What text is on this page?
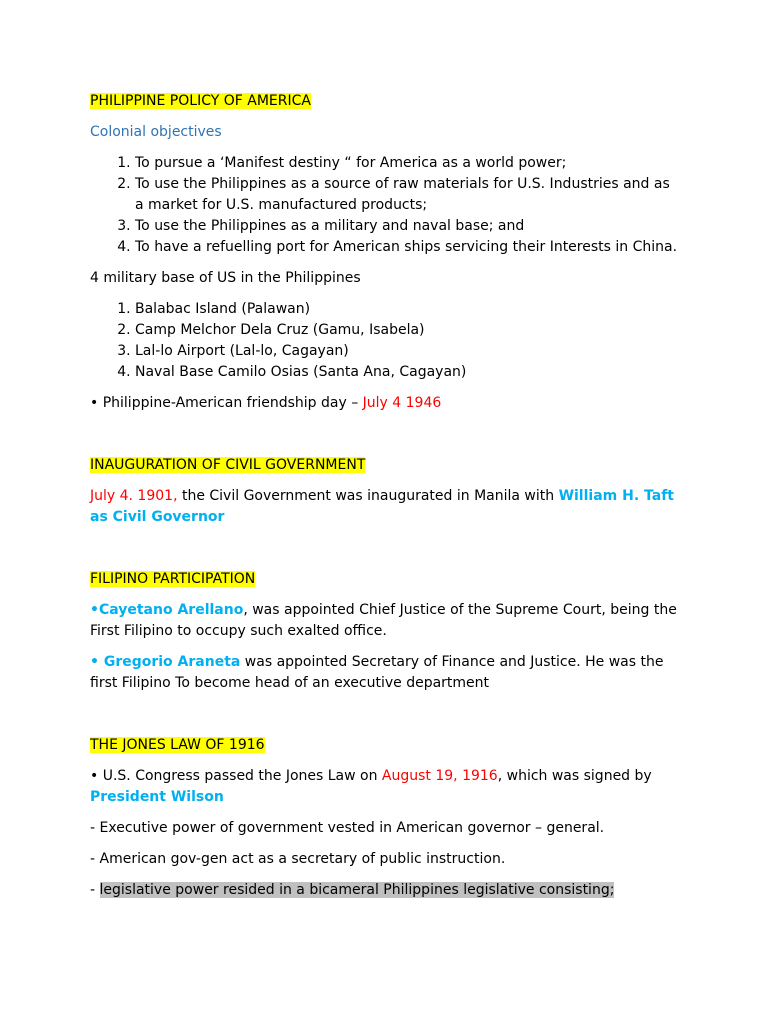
PHILIPPINE POLICY OF AMERICA

Colonial objectives

1. To pursue a ‘Manifest destiny “ for America as a world power;
2. To use the Philippines as a source of raw materials for U.S. Industries and as a market for U.S. manufactured products;
3. To use the Philippines as a military and naval base; and
4. To have a refuelling port for American ships servicing their Interests in China.

4 military base of US in the Philippines

1. Balabac Island (Palawan)
2. Camp Melchor Dela Cruz (Gamu, Isabela)
3. Lal-lo Airport (Lal-lo, Cagayan)
4. Naval Base Camilo Osias (Santa Ana, Cagayan)

• Philippine-American friendship day – July 4 1946

INAUGURATION OF CIVIL GOVERNMENT

July 4. 1901, the Civil Government was inaugurated in Manila with William H. Taft as Civil Governor

FILIPINO PARTICIPATION

•Cayetano Arellano, was appointed Chief Justice of the Supreme Court, being the First Filipino to occupy such exalted office.

• Gregorio Araneta was appointed Secretary of Finance and Justice. He was the first Filipino To become head of an executive department

THE JONES LAW OF 1916

• U.S. Congress passed the Jones Law on August 19, 1916, which was signed by President Wilson

- Executive power of government vested in American governor – general.

- American gov-gen act as a secretary of public instruction.

- legislative power resided in a bicameral Philippines legislative consisting;
